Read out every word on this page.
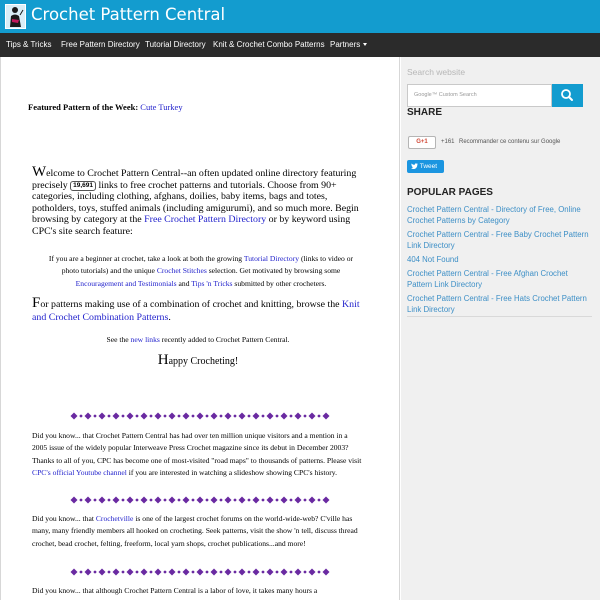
Crochet Pattern Central
Tips & Tricks Free Pattern Directory Tutorial Directory Knit & Crochet Combo Patterns Partners
Featured Pattern of the Week: Cute Turkey
Welcome to Crochet Pattern Central--an often updated online directory featuring precisely 19,691 links to free crochet patterns and tutorials. Choose from 90+ categories, including clothing, afghans, doilies, baby items, bags and totes, potholders, toys, stuffed animals (including amigurumi), and so much more. Begin browsing by category at the Free Crochet Pattern Directory or by keyword using CPC's site search feature:
If you are a beginner at crochet, take a look at both the growing Tutorial Directory (links to video or photo tutorials) and the unique Crochet Stitches selection. Get motivated by browsing some Encouragement and Testimonials and Tips 'n Tricks submitted by other crocheters.
For patterns making use of a combination of crochet and knitting, browse the Knit and Crochet Combination Patterns.
See the new links recently added to Crochet Pattern Central.
Happy Crocheting!
Did you know... that Crochet Pattern Central has had over ten million unique visitors and a mention in a 2005 issue of the widely popular Interweave Press Crochet magazine since its debut in December 2003? Thanks to all of you, CPC has become one of most-visited "road maps" to thousands of patterns. Please visit CPC's official Youtube channel if you are interested in watching a slideshow showing CPC's history.
Did you know... that Crochetville is one of the largest crochet forums on the world-wide-web? C'ville has many, many friendly members all hooked on crocheting. Seek patterns, visit the show 'n tell, discuss thread crochet, bead crochet, felting, freeform, local yarn shops, crochet publications...and more!
Did you know... that although Crochet Pattern Central is a labor of love, it takes many hours a
Search website
Google™ Custom Search
SHARE
G+1	+161 Recommander ce contenu sur Google
Tweet
POPULAR PAGES
Crochet Pattern Central - Directory of Free, Online Crochet Patterns by Category
Crochet Pattern Central - Free Baby Crochet Pattern Link Directory
404 Not Found
Crochet Pattern Central - Free Afghan Crochet Pattern Link Directory
Crochet Pattern Central - Free Hats Crochet Pattern Link Directory
